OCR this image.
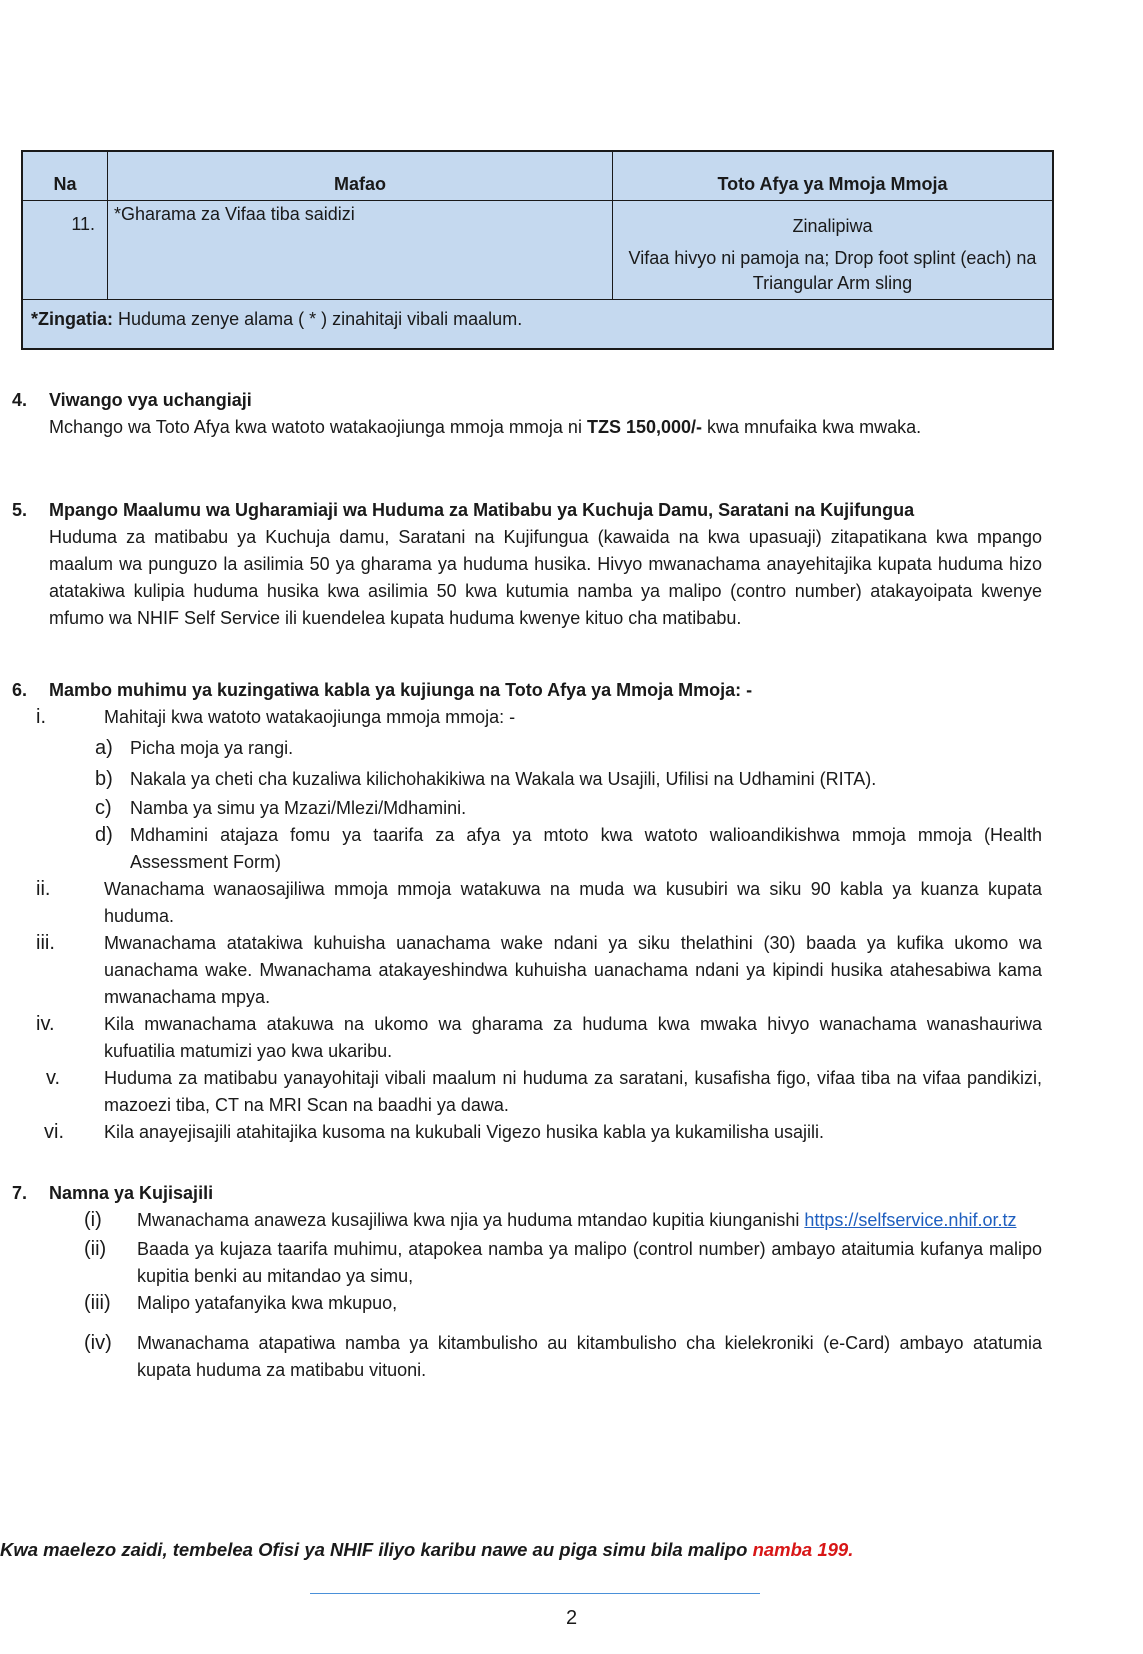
Na	Mafao	Toto Afya ya Mmoja Mmoja
11.	*Gharama za Vifaa tiba saidizi
Zinalipiwa
Vifaa hivyo ni pamoja na; Drop foot splint (each) na Triangular Arm sling
*Zingatia: Huduma zenye alama ( * ) zinahitaji vibali maalum.
4.	Viwango vya uchangiaji
Mchango wa Toto Afya kwa watoto watakaojiunga mmoja mmoja ni TZS 150,000/- kwa mnufaika kwa mwaka.
5.	Mpango Maalumu wa Ugharamiaji wa Huduma za Matibabu ya Kuchuja Damu, Saratani na Kujifungua
Huduma za matibabu ya Kuchuja damu, Saratani na Kujifungua (kawaida na kwa upasuaji) zitapatikana kwa mpango maalum wa punguzo la asilimia 50 ya gharama ya huduma husika. Hivyo mwanachama anayehitajika kupata huduma hizo atatakiwa kulipia huduma husika kwa asilimia 50 kwa kutumia namba ya malipo (contro number) atakayoipata kwenye mfumo wa NHIF Self Service ili kuendelea kupata huduma kwenye kituo cha matibabu.
6.	Mambo muhimu ya kuzingatiwa kabla ya kujiunga na Toto Afya ya Mmoja Mmoja: -
i.	Mahitaji kwa watoto watakaojiunga mmoja mmoja: -
a) Picha moja ya rangi.
b) Nakala ya cheti cha kuzaliwa kilichohakikiwa na Wakala wa Usajili, Ufilisi na Udhamini (RITA).
c)	Namba ya simu ya Mzazi/Mlezi/Mdhamini.
d) Mdhamini atajaza fomu ya taarifa za afya ya mtoto kwa watoto walioandikishwa mmoja mmoja (Health Assessment Form)
ii.	Wanachama wanaosajiliwa mmoja mmoja watakuwa na muda wa kusubiri wa siku 90 kabla ya kuanza kupata huduma.
iii.	Mwanachama atatakiwa kuhuisha uanachama wake ndani ya siku thelathini (30) baada ya kufika ukomo wa uanachama wake. Mwanachama atakayeshindwa kuhuisha uanachama ndani ya kipindi husika atahesabiwa kama mwanachama mpya.
iv.	Kila mwanachama atakuwa na ukomo wa gharama za huduma kwa mwaka hivyo wanachama wanashauriwa kufuatilia matumizi yao kwa ukaribu.
v.	Huduma za matibabu yanayohitaji vibali maalum ni huduma za saratani, kusafisha figo, vifaa tiba na vifaa pandikizi, mazoezi tiba, CT na MRI Scan na baadhi ya dawa.
vi.	Kila anayejisajili atahitajika kusoma na kukubali Vigezo husika kabla ya kukamilisha usajili.
7.	Namna ya Kujisajili
(i)	Mwanachama anaweza kusajiliwa kwa njia ya huduma mtandao kupitia kiunganishi https://selfservice.nhif.or.tz
(ii)	Baada ya kujaza taarifa muhimu, atapokea namba ya malipo (control number) ambayo ataitumia kufanya malipo kupitia benki au mitandao ya simu,
(iii)	Malipo yatafanyika kwa mkupuo,
(iv)	Mwanachama atapatiwa namba ya kitambulisho au kitambulisho cha kielekroniki (e-Card) ambayo atatumia kupata huduma za matibabu vituoni.
Kwa maelezo zaidi, tembelea Ofisi ya NHIF iliyo karibu nawe au piga simu bila malipo namba 199.
2
